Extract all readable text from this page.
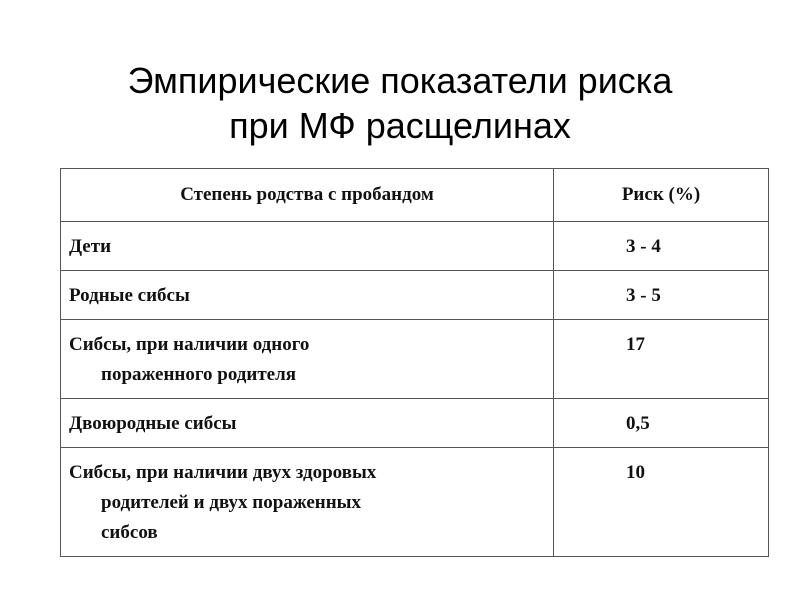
Эмпирические показатели риска
при МФ расщелинах
Степень родства с пробандом	Риск (%)
Дети	3 - 4
Родные сибсы	3 - 5
Сибсы, при наличии одного
пораженного родителя	17
Двоюродные сибсы	0,5
Сибсы, при наличии двух здоровых
родителей и двух пораженных
сибсов	10
